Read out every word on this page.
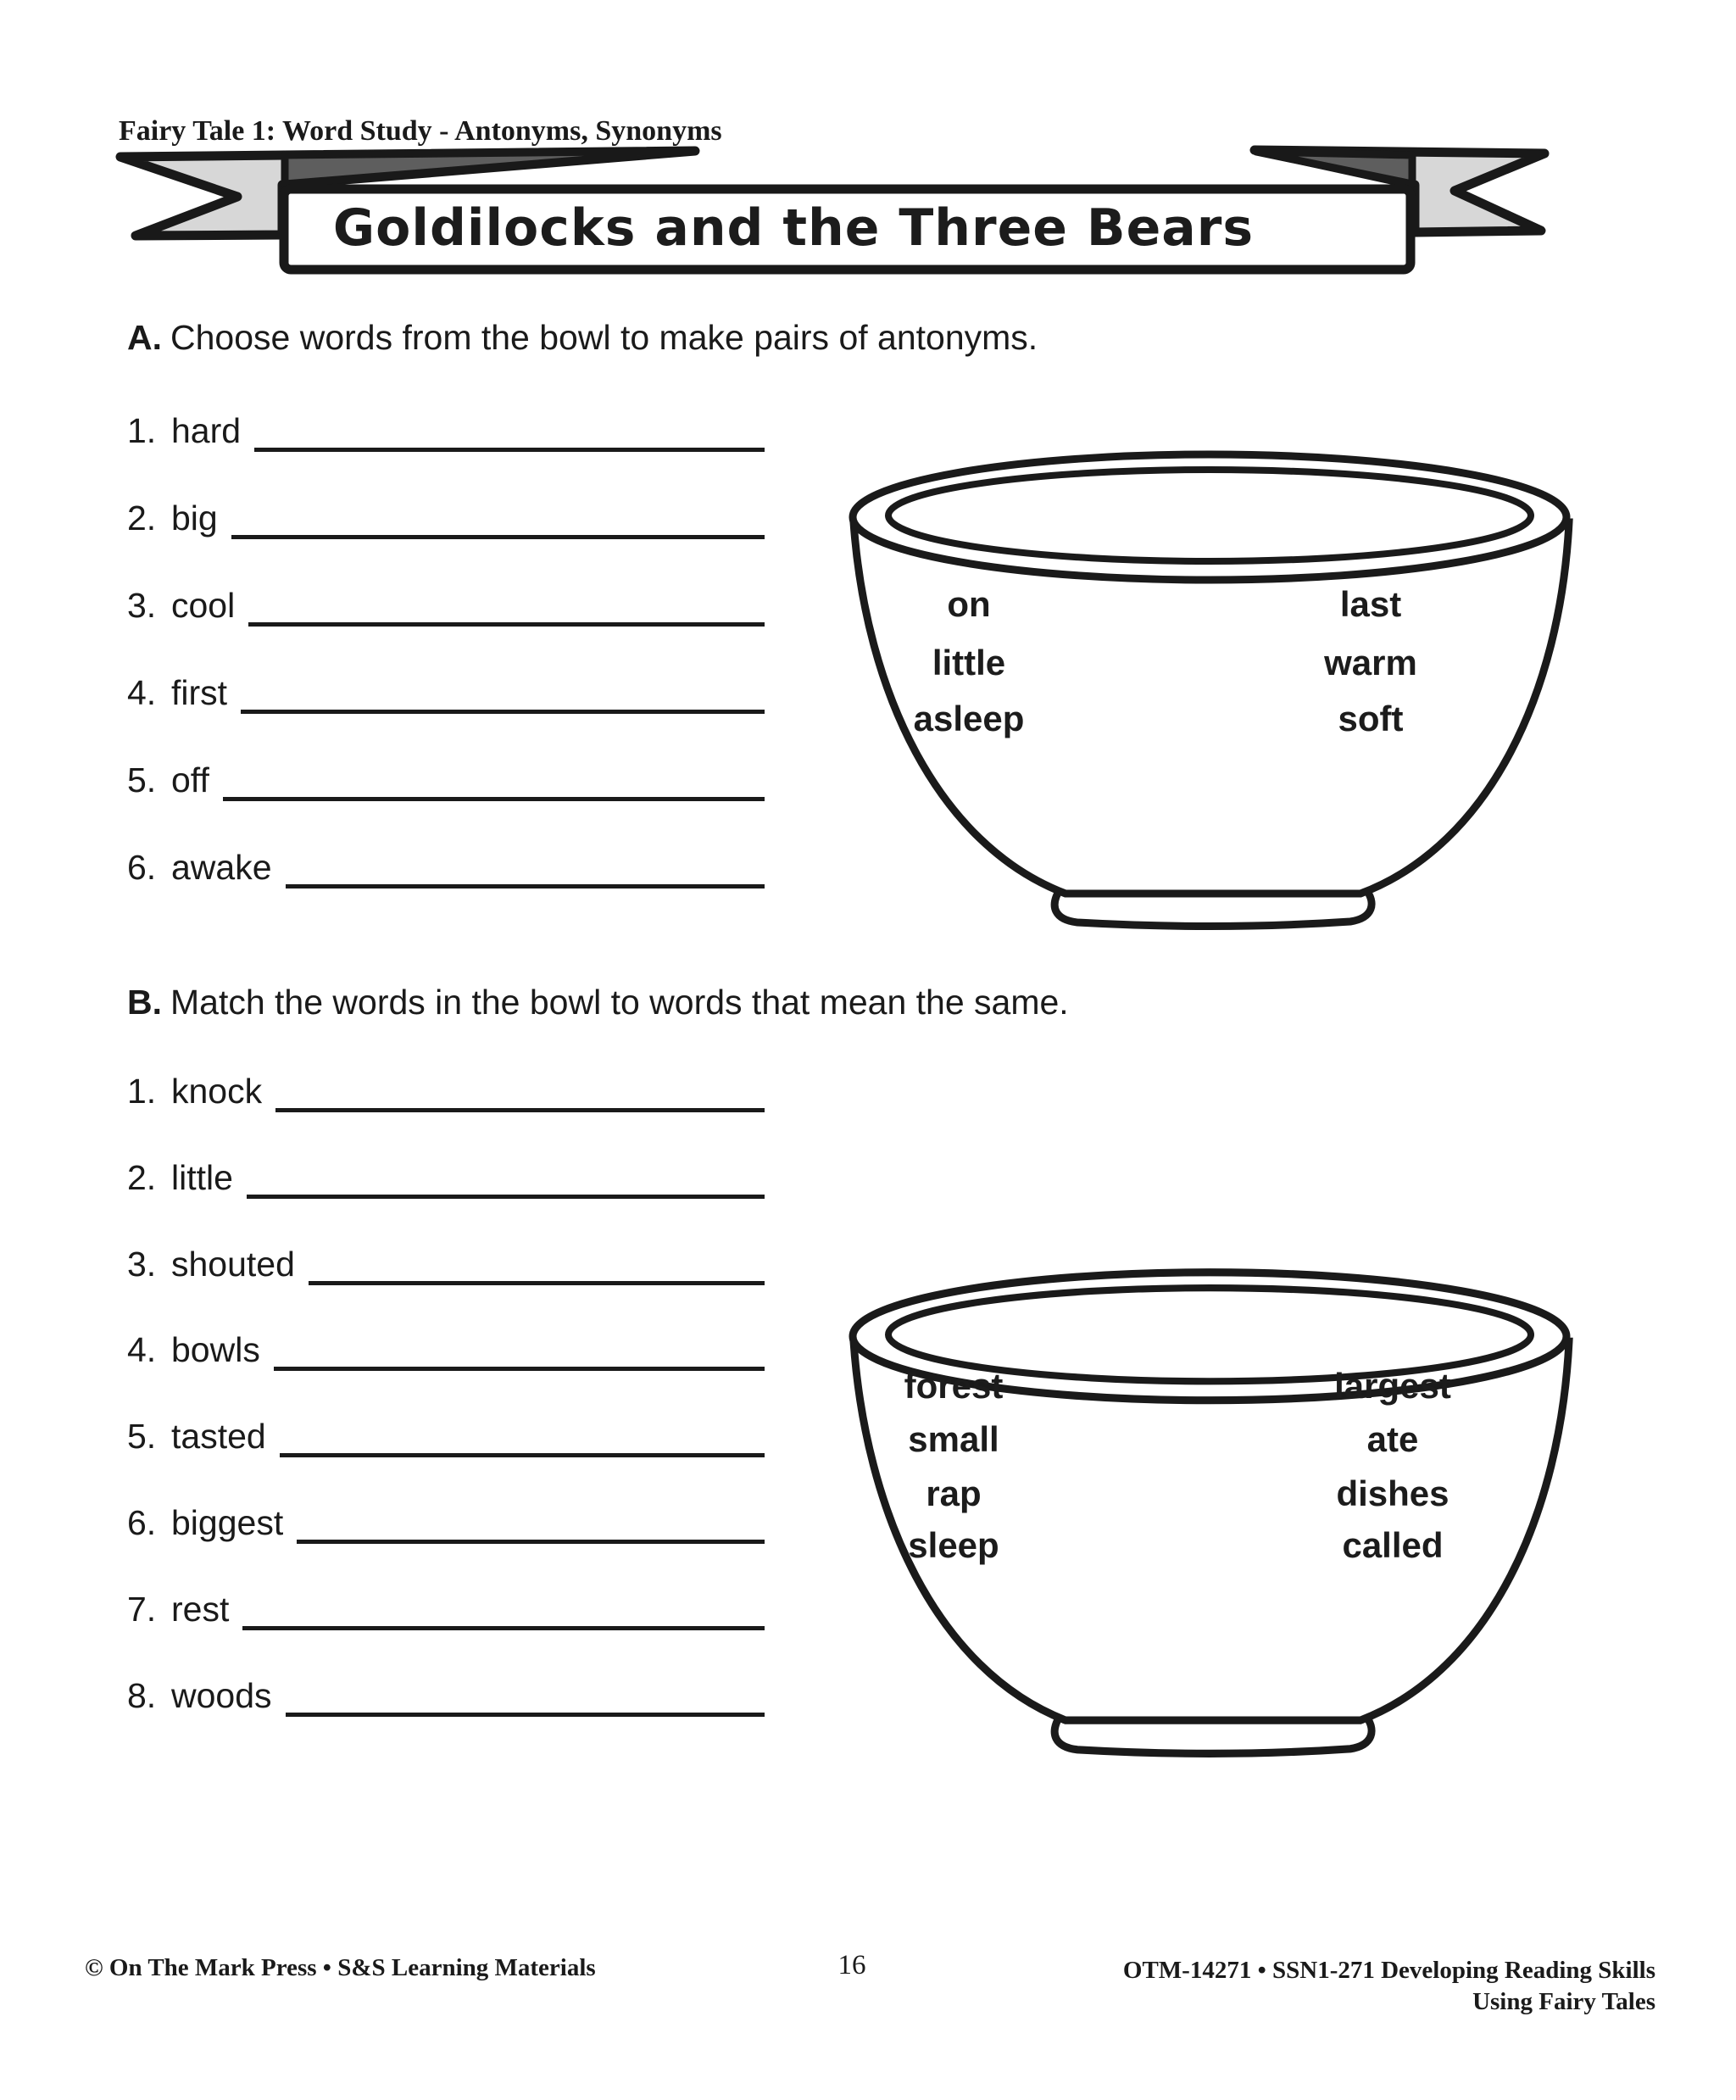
Fairy Tale 1: Word Study - Antonyms, Synonyms
Goldilocks and the Three Bears
A. Choose words from the bowl to make pairs of antonyms.
1. hard
2. big
3. cool
4. first
5. off
6. awake
on
little
asleep
last
warm
soft
B. Match the words in the bowl to words that mean the same.
1. knock
2. little
3. shouted
4. bowls
5. tasted
6. biggest
7. rest
8. woods
forest
small
rap
sleep
largest
ate
dishes
called
© On The Mark Press • S&S Learning Materials	16	OTM-14271 • SSN1-271 Developing Reading Skills
Using Fairy Tales
